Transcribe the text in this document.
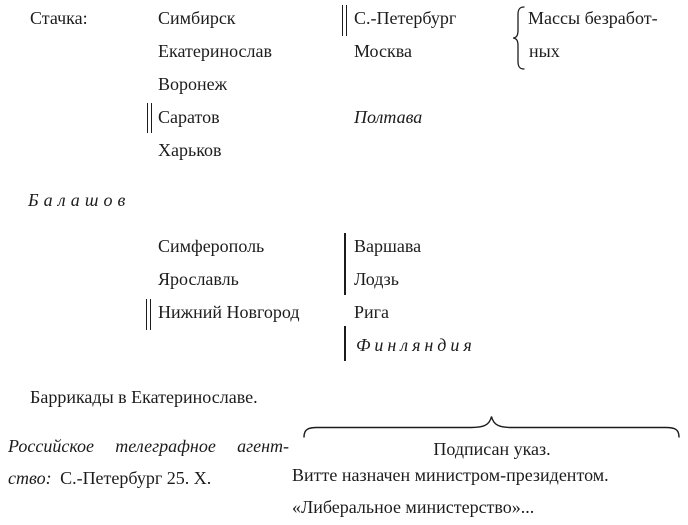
Стачка:	Симбирск
Екатеринослав
Воронеж
Саратов
Харьков
С.-Петербург
Москва
Полтава
Массы безработ-
ных
Балашов
Симферополь
Ярославль
Нижний Новгород
Варшава
Лодзь
Рига
Финляндия
Баррикады в Екатеринославе.
Российское телеграфное агент-
ство: С.-Петербург 25. X.
Подписан указ.
Витте назначен министром-президентом.
«Либеральное министерство»...
